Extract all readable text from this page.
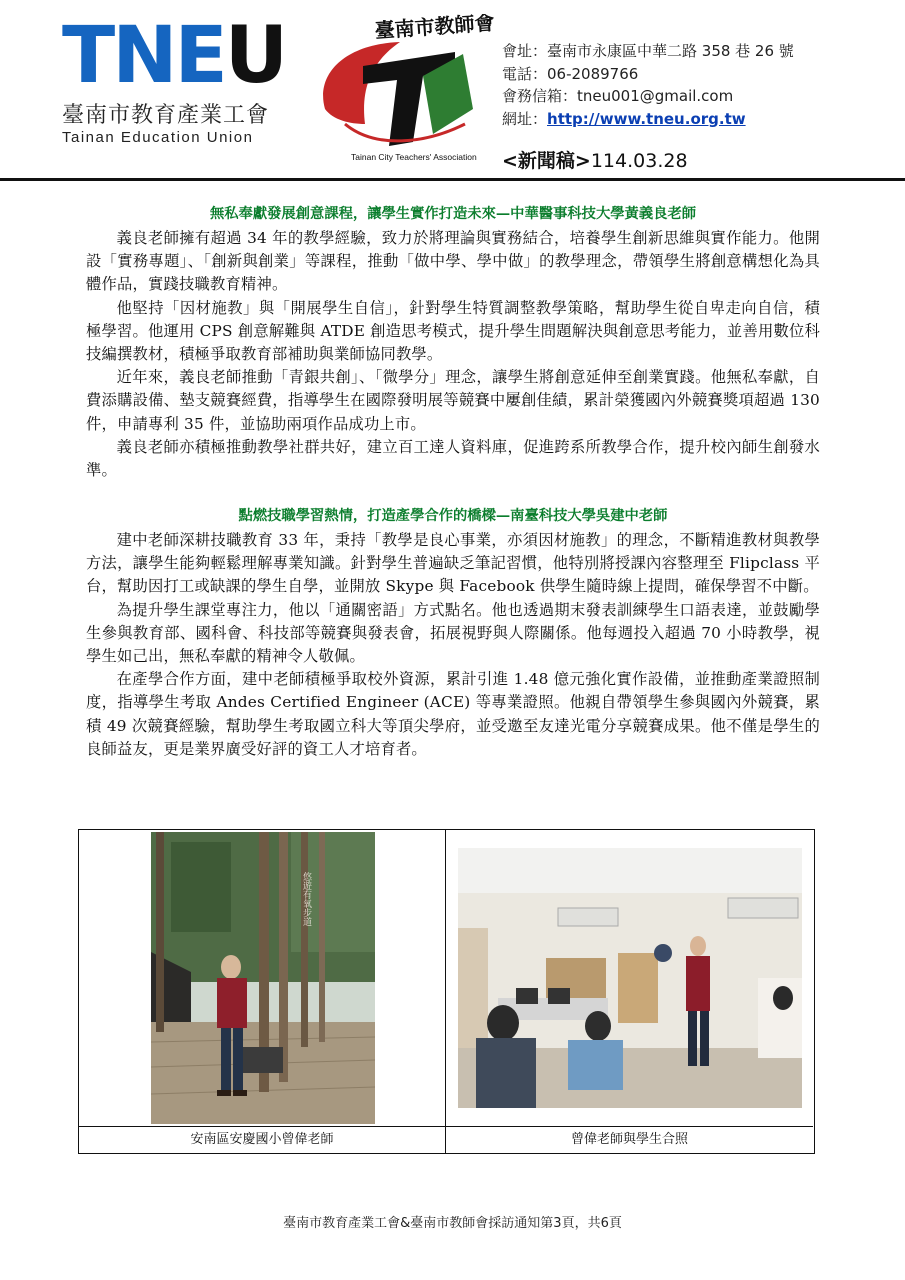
TNEU
臺南市教育產業工會
Tainan Education Union
臺南市教師會
Tainan City Teachers' Association
會址：臺南市永康區中華二路 358 巷 26 號
電話：06-2089766
會務信箱：tneu001@gmail.com
網址：http://www.tneu.org.tw
<新聞稿>114.03.28
無私奉獻發展創意課程，讓學生實作打造未來—中華醫事科技大學黃義良老師

義良老師擁有超過 34 年的教學經驗，致力於將理論與實務結合，培養學生創新思維與實作能力。他開設「實務專題」、「創新與創業」等課程，推動「做中學、學中做」的教學理念，帶領學生將創意構想化為具體作品，實踐技職教育精神。

他堅持「因材施教」與「開展學生自信」，針對學生特質調整教學策略，幫助學生從自卑走向自信，積極學習。他運用 CPS 創意解難與 ATDE 創造思考模式，提升學生問題解決與創意思考能力，並善用數位科技編撰教材，積極爭取教育部補助與業師協同教學。

近年來，義良老師推動「青銀共創」、「微學分」理念，讓學生將創意延伸至創業實踐。他無私奉獻，自費添購設備、墊支競賽經費，指導學生在國際發明展等競賽中屢創佳績，累計榮獲國內外競賽獎項超過 130 件，申請專利 35 件，並協助兩項作品成功上市。

義良老師亦積極推動教學社群共好，建立百工達人資料庫，促進跨系所教學合作，提升校內師生創發水準。

點燃技職學習熱情，打造產學合作的橋樑—南臺科技大學吳建中老師

建中老師深耕技職教育 33 年，秉持「教學是良心事業，亦須因材施教」的理念，不斷精進教材與教學方法，讓學生能夠輕鬆理解專業知識。針對學生普遍缺乏筆記習慣，他特別將授課內容整理至 Flipclass 平台，幫助因打工或缺課的學生自學，並開放 Skype 與 Facebook 供學生隨時線上提問，確保學習不中斷。

為提升學生課堂專注力，他以「通關密語」方式點名。他也透過期末發表訓練學生口語表達，並鼓勵學生參與教育部、國科會、科技部等競賽與發表會，拓展視野與人際關係。他每週投入超過 70 小時教學，視學生如己出，無私奉獻的精神令人敬佩。

在產學合作方面，建中老師積極爭取校外資源，累計引進 1.48 億元強化實作設備，並推動產業證照制度，指導學生考取 Andes Certified Engineer (ACE) 等專業證照。他親自帶領學生參與國內外競賽，累積 49 次競賽經驗，幫助學生考取國立科大等頂尖學府，並受邀至友達光電分享競賽成果。他不僅是學生的良師益友，更是業界廣受好評的資工人才培育者。

悠遊有氧步道
安南區安慶國小曾偉老師	曾偉老師與學生合照
臺南市教育產業工會&臺南市教師會採訪通知第3頁，共6頁
